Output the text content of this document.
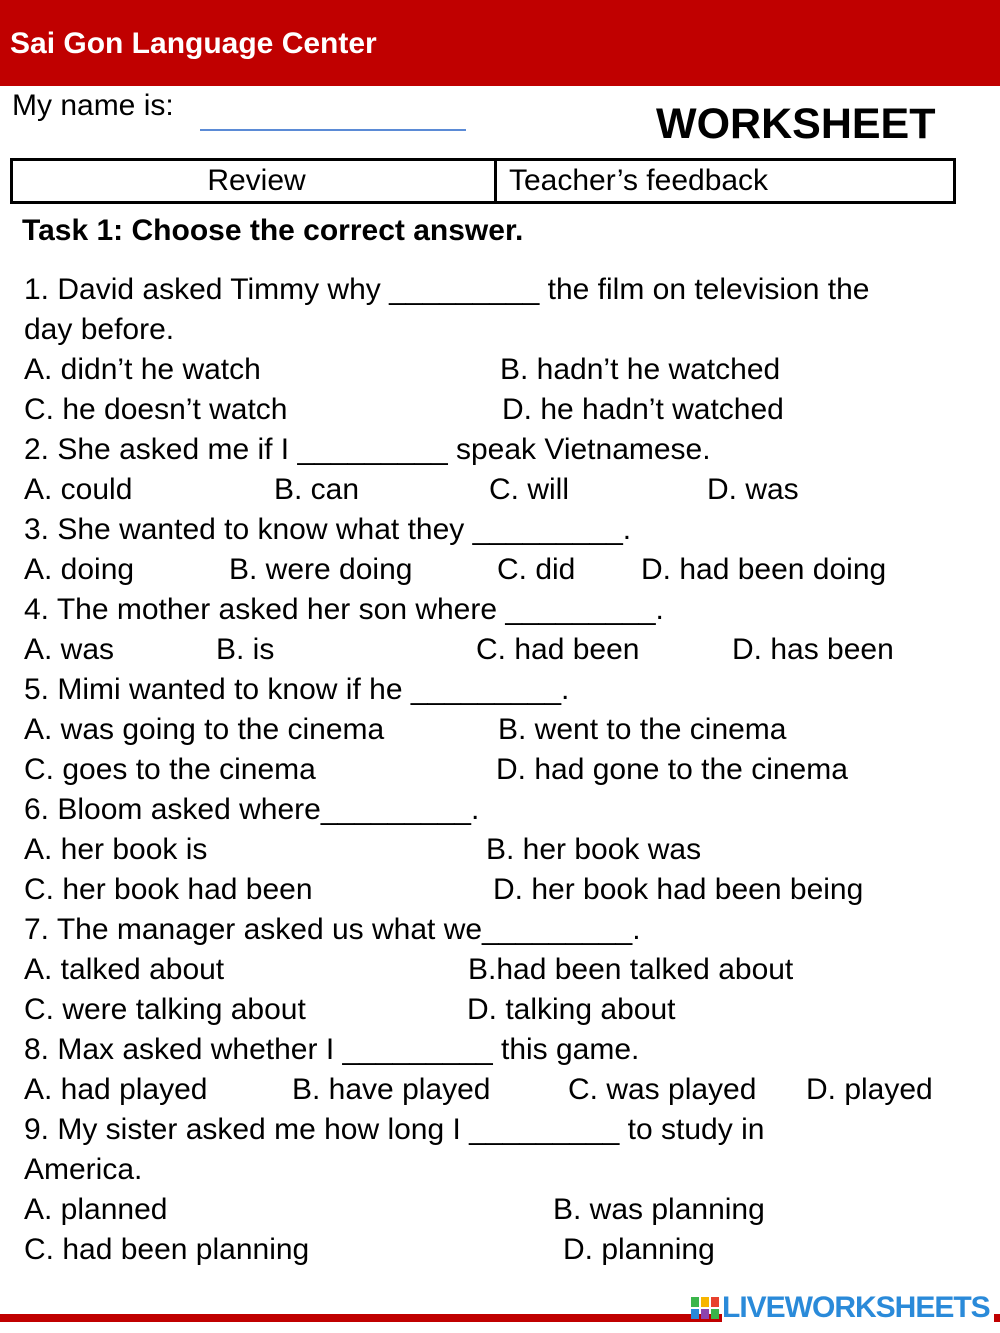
Sai Gon Language Center
My name is:	WORKSHEET
Review	Teacher’s feedback
Task 1: Choose the correct answer.
1. David asked Timmy why _________ the film on television the
day before.
A. didn’t he watch	B. hadn’t he watched
C. he doesn’t watch	D. he hadn’t watched
2. She asked me if I _________ speak Vietnamese.
A. could	B. can	C. will	D. was
3. She wanted to know what they _________.
A. doing	B. were doing	C. did D. had been doing
4. The mother asked her son where _________.
A. was	B. is	C. had been	D. has been
5. Mimi wanted to know if he _________.
A. was going to the cinema	B. went to the cinema
C. goes to the cinema	D. had gone to the cinema
6. Bloom asked where_________.
A. her book is	B. her book was
C. her book had been	D. her book had been being
7. The manager asked us what we_________.
A. talked about	B.had been talked about
C. were talking about	D. talking about
8. Max asked whether I _________ this game.
A. had played	B. have played	C. was played D. played
9. My sister asked me how long I _________ to study in
America.
A. planned	B. was planning
C. had been planning	D. planning
LIVEWORKSHEETS
